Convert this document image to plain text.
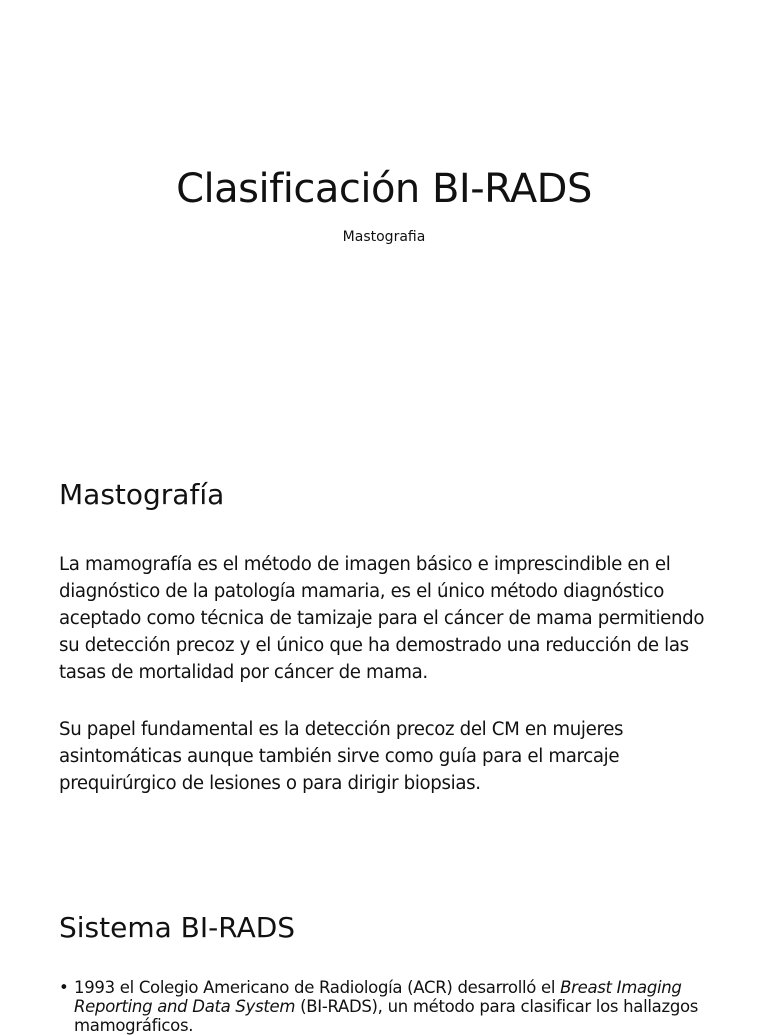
Clasificación BI-RADS

Mastografia

Mastografía

La mamografía es el método de imagen básico e imprescindible en el diagnóstico de la patología mamaria, es el único método diagnóstico aceptado como técnica de tamizaje para el cáncer de mama permitiendo su detección precoz y el único que ha demostrado una reducción de las tasas de mortalidad por cáncer de mama.

Su papel fundamental es la detección precoz del CM en mujeres asintomáticas aunque también sirve como guía para el marcaje prequirúrgico de lesiones o para dirigir biopsias.

Sistema BI-RADS
• 1993 el Colegio Americano de Radiología (ACR) desarrolló el Breast Imaging Reporting and Data System (BI-RADS), un método para clasificar los hallazgos mamográficos.
